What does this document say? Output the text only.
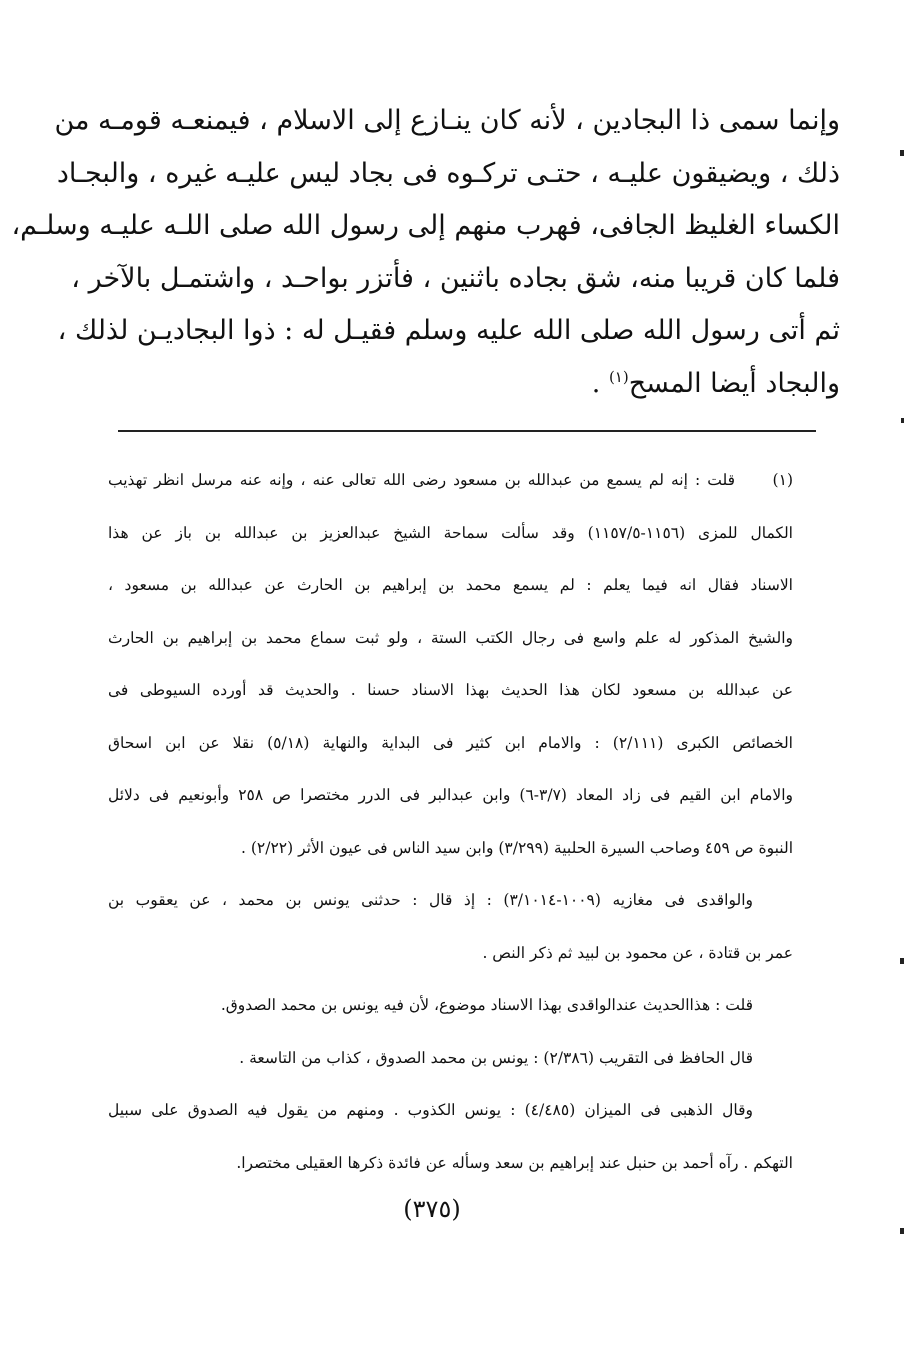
وإنما سمى ذا البجادين ، لأنه كان ينـازع إلى الاسلام ، فيمنعـه قومـه من
ذلك ، ويضيقون عليـه ، حتـى تركـوه فى بجاد ليس عليـه غيره ، والبجـاد
الكساء الغليظ الجافى، فهرب منهم إلى رسول الله صلى اللـه عليـه وسلـم،
فلما كان قريبا منه، شق بجاده باثنين ، فأتزر بواحـد ، واشتمـل بالآخر ،
ثم أتى رسول الله صلى الله عليه وسلم فقيـل له : ذوا البجاديـن لذلك ،
والبجاد أيضا المسح$^{(١)}$ .
(١)
قلت : إنه لم يسمع من عبدالله بن مسعود رضى الله تعالى عنه ، وإنه عنه مرسل انظر تهذيب
الكمال للمزى (١١٥٦-١١٥٧/٥) وقد سألت سماحة الشيخ عبدالعزيز بن عبدالله بن باز عن هذا
الاسناد فقال انه فيما يعلم : لم يسمع محمد بن إبراهيم بن الحارث عن عبدالله بن مسعود ،
والشيخ المذكور له علم واسع فى رجال الكتب الستة ، ولو ثبت سماع محمد بن إبراهيم بن الحارث
عن عبدالله بن مسعود لكان هذا الحديث بهذا الاسناد حسنا . والحديث قد أورده السيوطى فى
الخصائص الكبرى (٢/١١١) : والامام ابن كثير فى البداية والنهاية (٥/١٨) نقلا عن ابن اسحاق
والامام ابن القيم فى زاد المعاد (٣/٧-٦) وابن عبدالبر فى الدرر مختصرا ص ٢٥٨ وأبونعيم فى دلائل
النبوة ص ٤٥٩ وصاحب السيرة الحلبية (٣/٢٩٩) وابن سيد الناس فى عيون الأثر (٢/٢٢) .
والواقدى فى مغازيه (١٠٠٩-٣/١٠١٤) : إذ قال : حدثنى يونس بن محمد ، عن يعقوب بن
عمر بن قتادة ، عن محمود بن لبيد ثم ذكر النص .
قلت : هذاالحديث عندالواقدى بهذا الاسناد موضوع، لأن فيه يونس بن محمد الصدوق.
قال الحافظ فى التقريب (٢/٣٨٦) : يونس بن محمد الصدوق ، كذاب من التاسعة .
وقال الذهبى فى الميزان (٤/٤٨٥) : يونس الكذوب . ومنهم من يقول فيه الصدوق على سبيل
التهكم . رآه أحمد بن حنبل عند إبراهيم بن سعد وسأله عن فائدة ذكرها العقيلى مختصرا.
(٣٧٥)
